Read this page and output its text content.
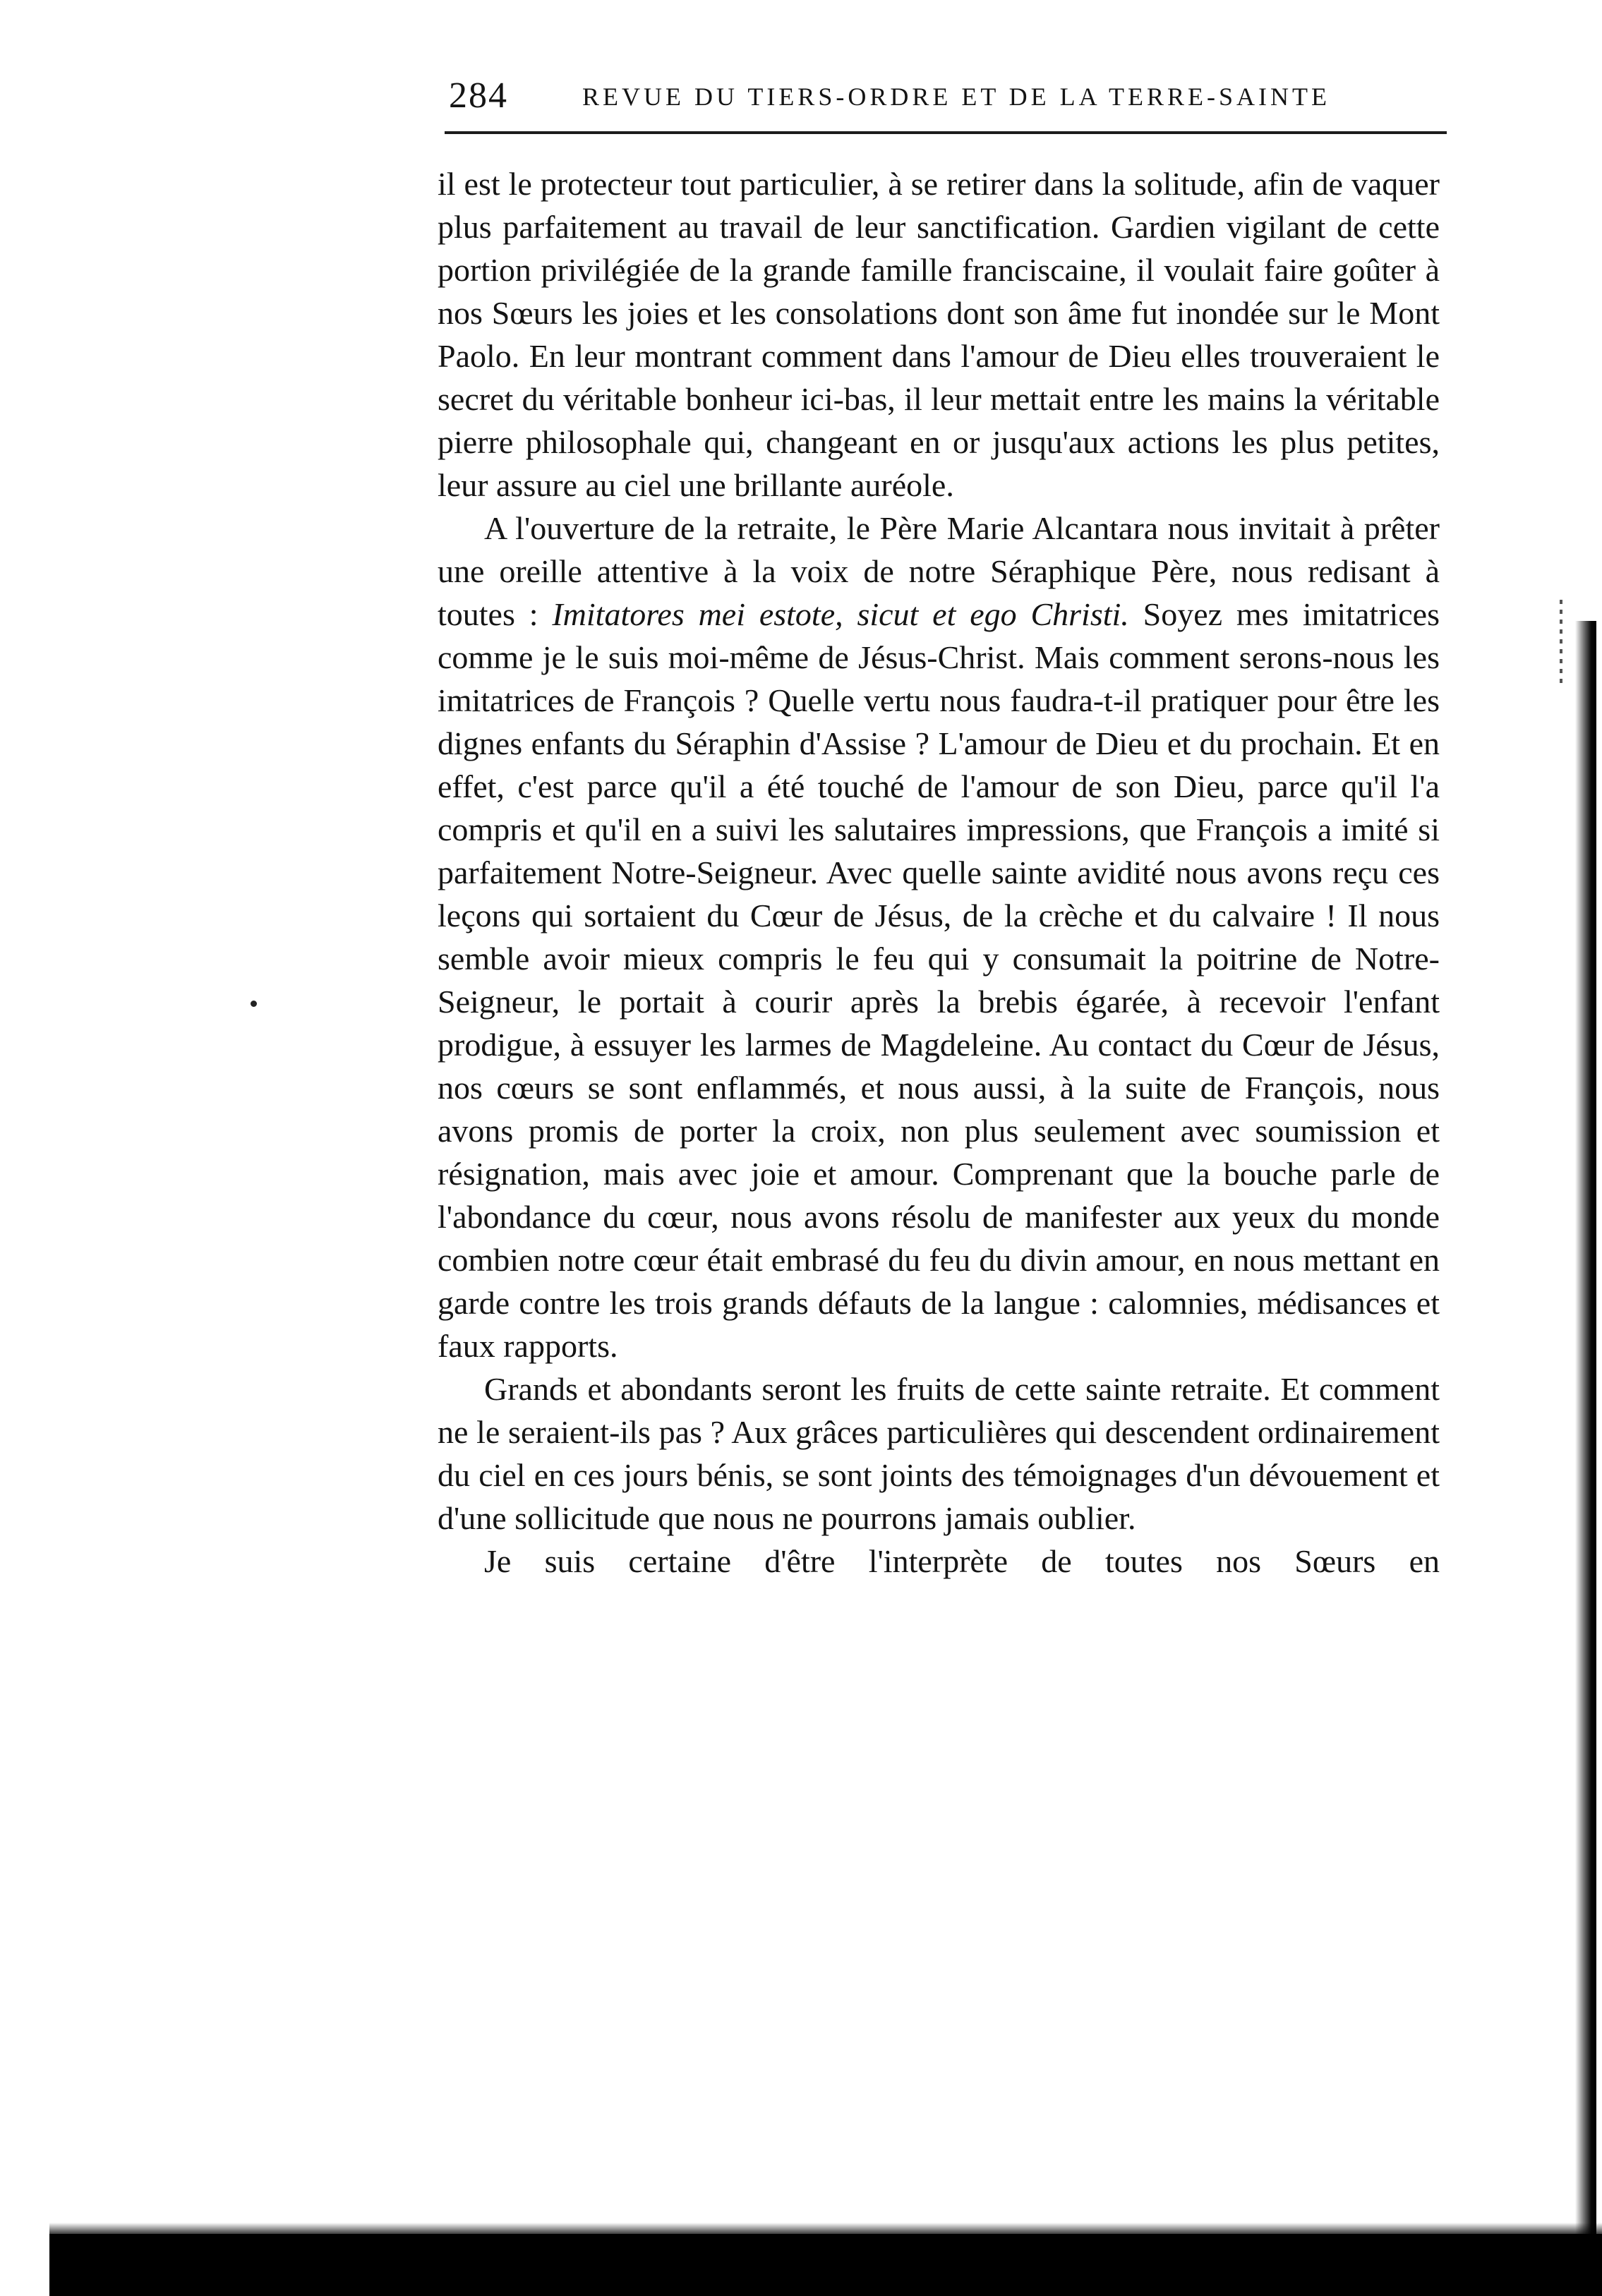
284	REVUE DU TIERS-ORDRE ET DE LA TERRE-SAINTE

il est le protecteur tout particulier, à se retirer dans la solitude, afin de vaquer plus parfaitement au travail de leur sanctification. Gardien vigilant de cette portion privilégiée de la grande famille franciscaine, il voulait faire goûter à nos Sœurs les joies et les consolations dont son âme fut inondée sur le Mont Paolo. En leur montrant comment dans l'amour de Dieu elles trouveraient le secret du véritable bonheur ici-bas, il leur mettait entre les mains la véritable pierre philosophale qui, changeant en or jusqu'aux actions les plus petites, leur assure au ciel une brillante auréole.

A l'ouverture de la retraite, le Père Marie Alcantara nous invitait à prêter une oreille attentive à la voix de notre Séraphique Père, nous redisant à toutes : Imitatores mei estote, sicut et ego Christi. Soyez mes imitatrices comme je le suis moi-même de Jésus-Christ. Mais comment serons-nous les imitatrices de François ? Quelle vertu nous faudra-t-il pratiquer pour être les dignes enfants du Séraphin d'Assise ? L'amour de Dieu et du prochain. Et en effet, c'est parce qu'il a été touché de l'amour de son Dieu, parce qu'il l'a compris et qu'il en a suivi les salutaires impressions, que François a imité si parfaitement Notre-Seigneur. Avec quelle sainte avidité nous avons reçu ces leçons qui sortaient du Cœur de Jésus, de la crèche et du calvaire ! Il nous semble avoir mieux compris le feu qui y consumait la poitrine de Notre-Seigneur, le portait à courir après la brebis égarée, à recevoir l'enfant prodigue, à essuyer les larmes de Magdeleine. Au contact du Cœur de Jésus, nos cœurs se sont enflammés, et nous aussi, à la suite de François, nous avons promis de porter la croix, non plus seulement avec soumission et résignation, mais avec joie et amour. Comprenant que la bouche parle de l'abondance du cœur, nous avons résolu de manifester aux yeux du monde combien notre cœur était embrasé du feu du divin amour, en nous mettant en garde contre les trois grands défauts de la langue : calomnies, médisances et faux rapports.

Grands et abondants seront les fruits de cette sainte retraite. Et comment ne le seraient-ils pas ? Aux grâces particulières qui descendent ordinairement du ciel en ces jours bénis, se sont joints des témoignages d'un dévouement et d'une sollicitude que nous ne pourrons jamais oublier.

Je suis certaine d'être l'interprète de toutes nos Sœurs en
